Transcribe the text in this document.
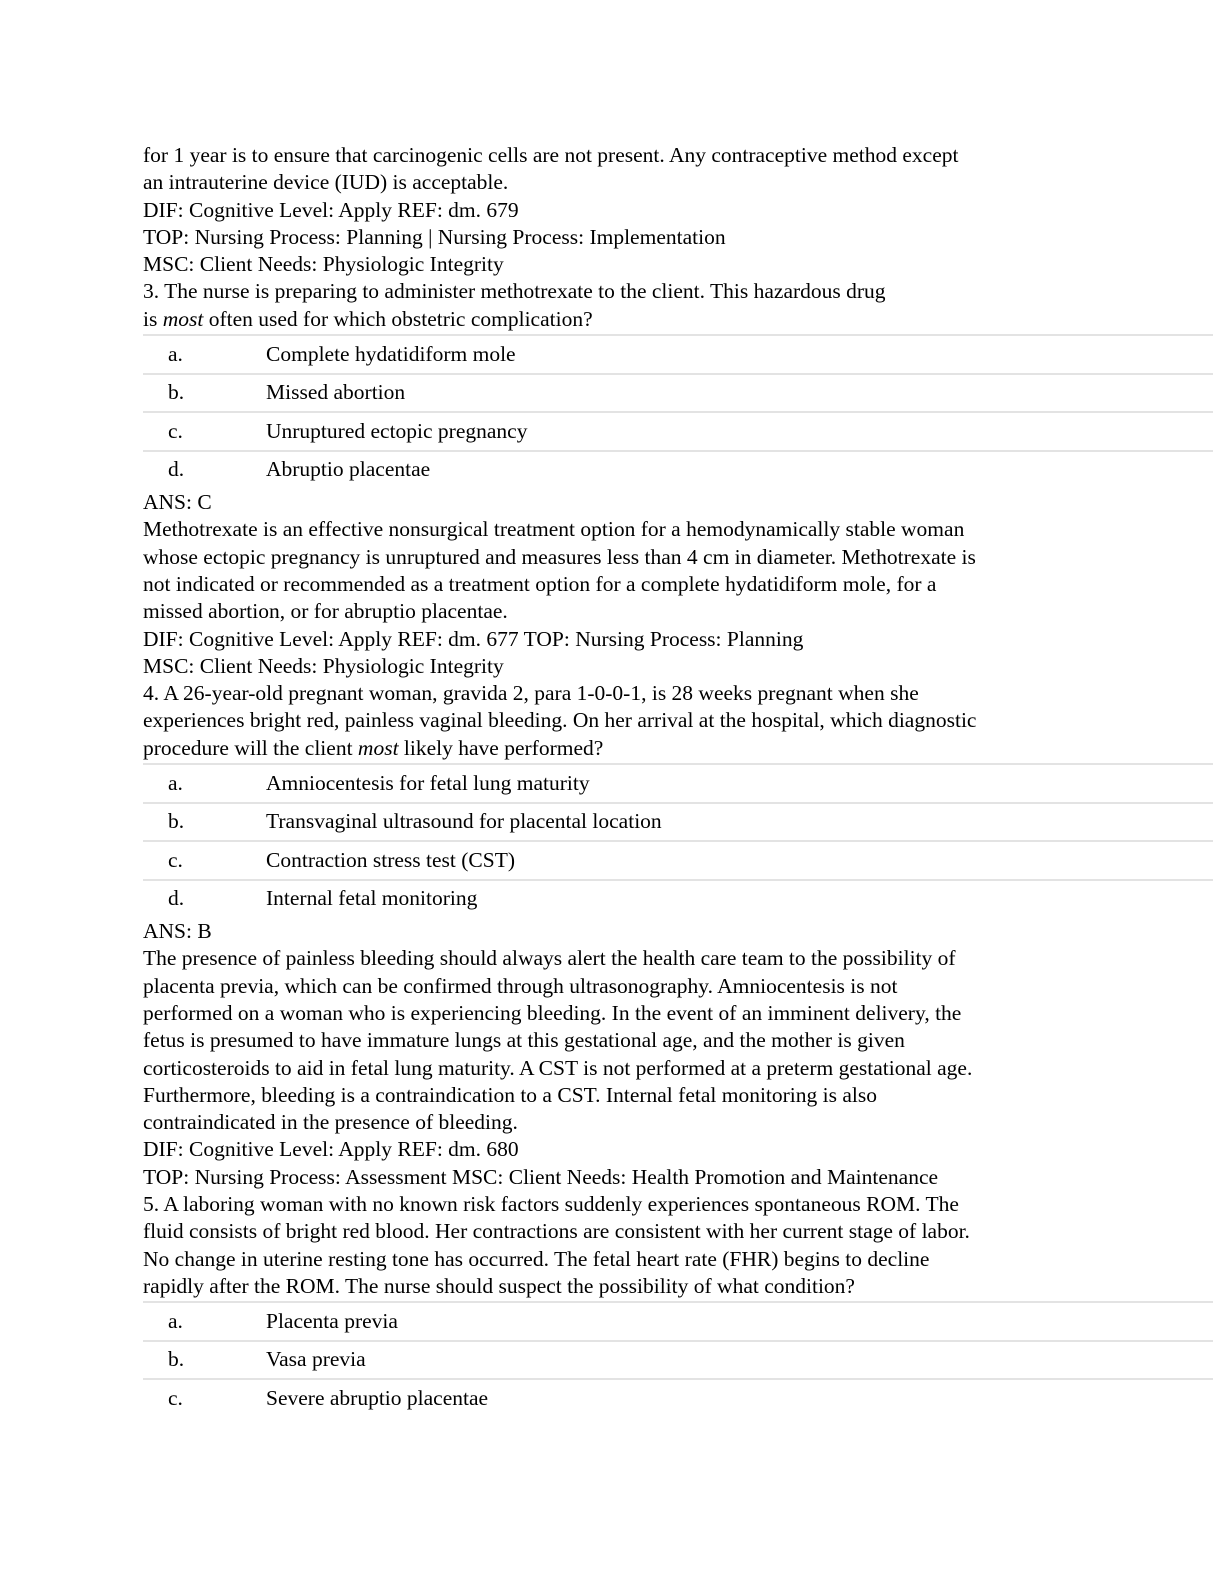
for 1 year is to ensure that carcinogenic cells are not present. Any contraceptive method except
an intrauterine device (IUD) is acceptable.
DIF: Cognitive Level: Apply REF: dm. 679
TOP: Nursing Process: Planning | Nursing Process: Implementation
MSC: Client Needs: Physiologic Integrity
3. The nurse is preparing to administer methotrexate to the client. This hazardous drug
is most often used for which obstetric complication?
a.	Complete hydatidiform mole
b.	Missed abortion
c.	Unruptured ectopic pregnancy
d.	Abruptio placentae
ANS: C
Methotrexate is an effective nonsurgical treatment option for a hemodynamically stable woman
whose ectopic pregnancy is unruptured and measures less than 4 cm in diameter. Methotrexate is
not indicated or recommended as a treatment option for a complete hydatidiform mole, for a
missed abortion, or for abruptio placentae.
DIF: Cognitive Level: Apply REF: dm. 677 TOP: Nursing Process: Planning
MSC: Client Needs: Physiologic Integrity
4. A 26-year-old pregnant woman, gravida 2, para 1-0-0-1, is 28 weeks pregnant when she
experiences bright red, painless vaginal bleeding. On her arrival at the hospital, which diagnostic
procedure will the client most likely have performed?
a.	Amniocentesis for fetal lung maturity
b.	Transvaginal ultrasound for placental location
c.	Contraction stress test (CST)
d.	Internal fetal monitoring
ANS: B
The presence of painless bleeding should always alert the health care team to the possibility of
placenta previa, which can be confirmed through ultrasonography. Amniocentesis is not
performed on a woman who is experiencing bleeding. In the event of an imminent delivery, the
fetus is presumed to have immature lungs at this gestational age, and the mother is given
corticosteroids to aid in fetal lung maturity. A CST is not performed at a preterm gestational age.
Furthermore, bleeding is a contraindication to a CST. Internal fetal monitoring is also
contraindicated in the presence of bleeding.
DIF: Cognitive Level: Apply REF: dm. 680
TOP: Nursing Process: Assessment MSC: Client Needs: Health Promotion and Maintenance
5. A laboring woman with no known risk factors suddenly experiences spontaneous ROM. The
fluid consists of bright red blood. Her contractions are consistent with her current stage of labor.
No change in uterine resting tone has occurred. The fetal heart rate (FHR) begins to decline
rapidly after the ROM. The nurse should suspect the possibility of what condition?
a.	Placenta previa
b.	Vasa previa
c.	Severe abruptio placentae
